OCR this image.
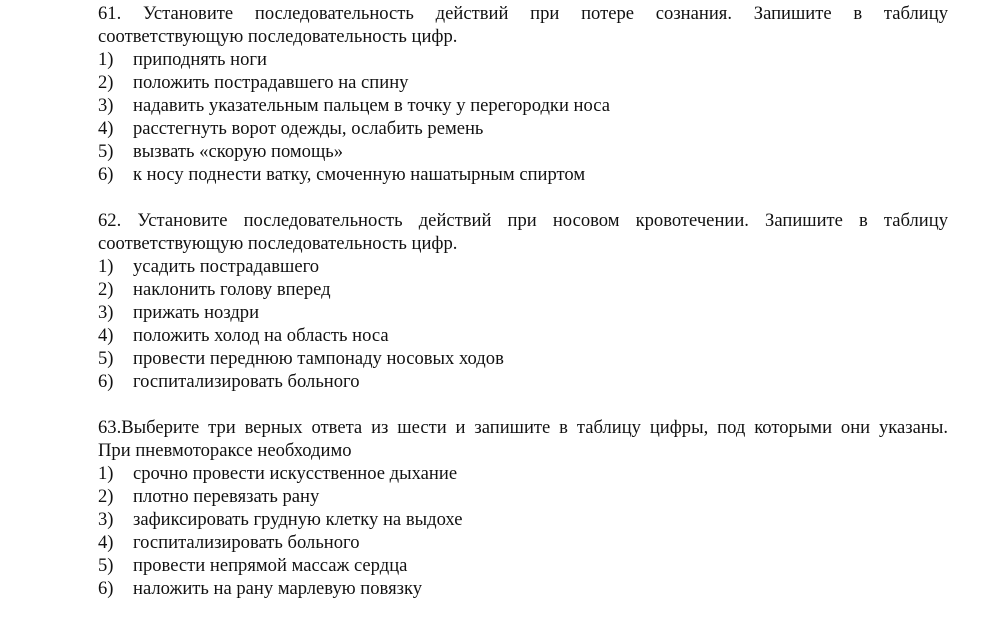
61. Установите последовательность действий при потере сознания. Запишите в таблицу
соответствующую последовательность цифр.
1)	приподнять ноги
2)	положить пострадавшего на спину
3)	надавить указательным пальцем в точку у перегородки носа
4)	расстегнуть ворот одежды, ослабить ремень
5)	вызвать «скорую помощь»
6)	к носу поднести ватку, смоченную нашатырным спиртом
62. Установите последовательность действий при носовом кровотечении. Запишите в таблицу
соответствующую последовательность цифр.
1)	усадить пострадавшего
2)	наклонить голову вперед
3)	прижать ноздри
4)	положить холод на область носа
5)	провести переднюю тампонаду носовых ходов
6)	госпитализировать больного
63.Выберите три верных ответа из шести и запишите в таблицу цифры, под которыми они указаны.
При пневмотораксе необходимо
1)	срочно провести искусственное дыхание
2)	плотно перевязать рану
3)	зафиксировать грудную клетку на выдохе
4)	госпитализировать больного
5)	провести непрямой массаж сердца
6)	наложить на рану марлевую повязку
